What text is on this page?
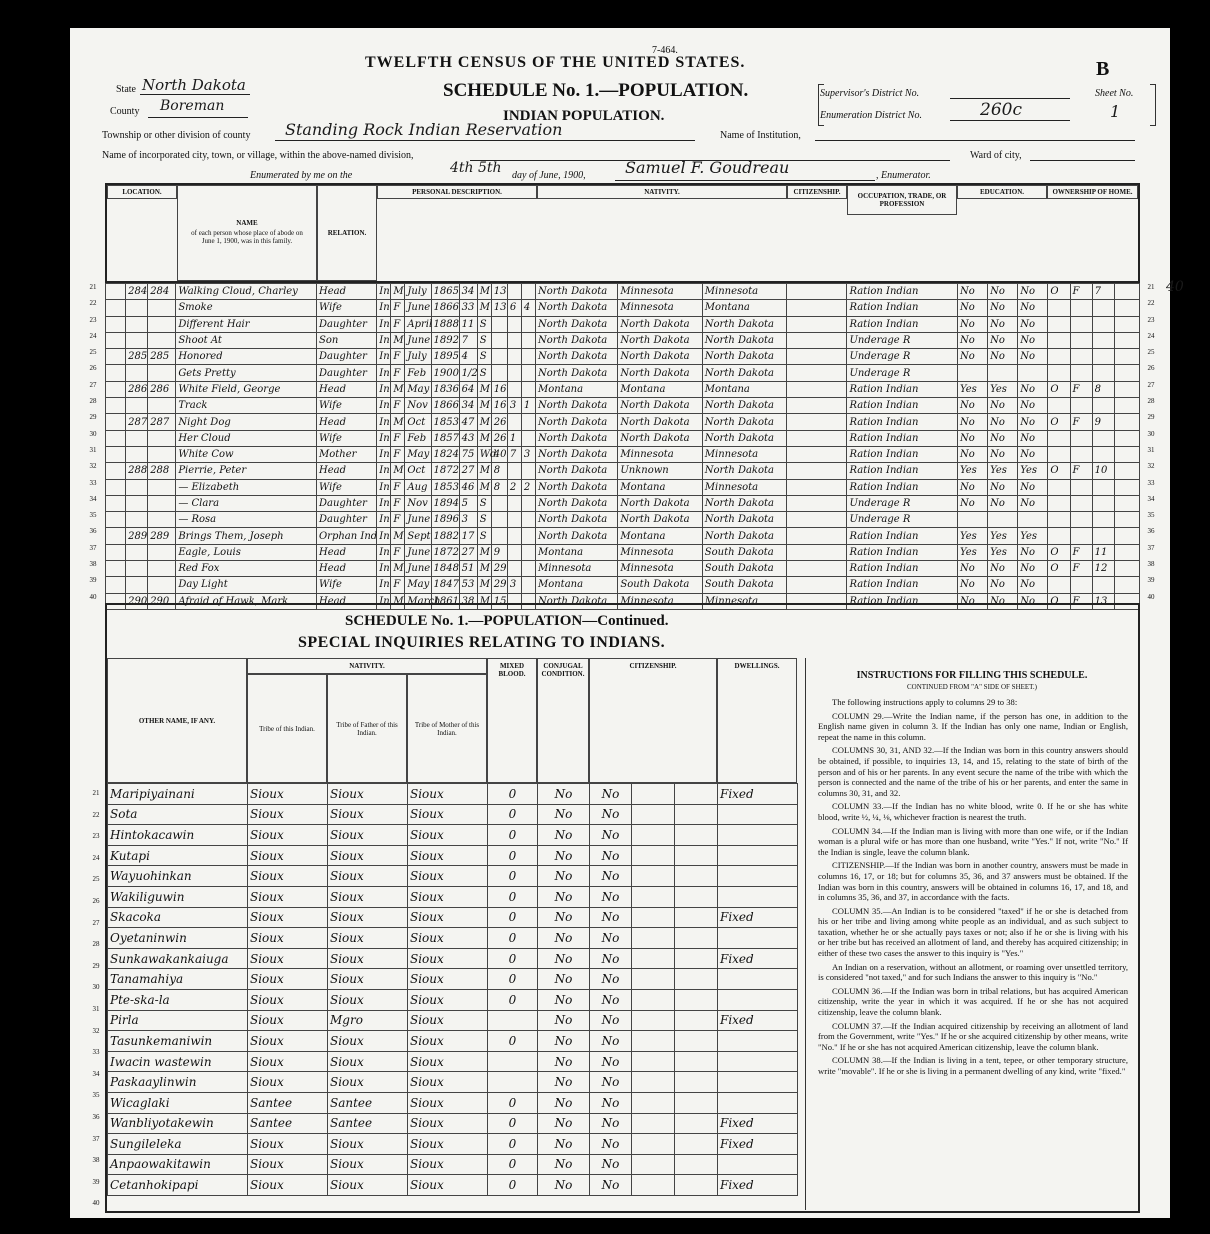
7-464.
B
TWELFTH CENSUS OF THE UNITED STATES.
SCHEDULE No. 1.—POPULATION.
INDIAN POPULATION.
State North Dakota
County Boreman
Township or other division of county Standing Rock Indian Reservation	Name of Institution,
Name of incorporated city, town, or village, within the above-named division,	Ward of city,
Supervisor's District No.
Enumeration District No.	260c
Sheet No.
1
Enumerated by me on the	4th 5th day of June, 1900, Samuel F. Goudreau	, Enumerator.
LOCATION.
NAME
of each person whose place of abode on June 1, 1900, was in this family.
RELATION.
PERSONAL DESCRIPTION.	NATIVITY.	CITIZENSHIP.	OCCUPATION, TRADE, OR PROFESSION
EDUCATION.	OWNERSHIP OF HOME.
	284	284	Walking Cloud, Charley	Head	In	M	July	1865	34	M	13			North Dakota	Minnesota	Minnesota		Ration Indian	No	No	No	O	F	7	
			Smoke	Wife	In	F	June	1866	33	M	13	6	4	North Dakota	Minnesota	Montana		Ration Indian	No	No	No				
			Different Hair	Daughter	In	F	April	1888	11	S				North Dakota	North Dakota	North Dakota		Ration Indian	No	No	No				
			Shoot At	Son	In	M	June	1892	7	S				North Dakota	North Dakota	North Dakota		Underage R	No	No	No				
	285	285	Honored	Daughter	In	F	July	1895	4	S				North Dakota	North Dakota	North Dakota		Underage R	No	No	No				
			Gets Pretty	Daughter	In	F	Feb	1900	1/2	S				North Dakota	North Dakota	North Dakota		Underage R							
	286	286	White Field, George	Head	In	M	May	1836	64	M	16			Montana	Montana	Montana		Ration Indian	Yes	Yes	No	O	F	8	
			Track	Wife	In	F	Nov	1866	34	M	16	3	1	North Dakota	North Dakota	North Dakota		Ration Indian	No	No	No				
	287	287	Night Dog	Head	In	M	Oct	1853	47	M	26			North Dakota	North Dakota	North Dakota		Ration Indian	No	No	No	O	F	9	
			Her Cloud	Wife	In	F	Feb	1857	43	M	26	1		North Dakota	North Dakota	North Dakota		Ration Indian	No	No	No				
			White Cow	Mother	In	F	May	1824	75	Wd	40	7	3	North Dakota	Minnesota	Minnesota		Ration Indian	No	No	No				
	288	288	Pierrie, Peter	Head	In	M	Oct	1872	27	M	8			North Dakota	Unknown	North Dakota		Ration Indian	Yes	Yes	Yes	O	F	10	
			— Elizabeth	Wife	In	F	Aug	1853	46	M	8	2	2	North Dakota	Montana	Minnesota		Ration Indian	No	No	No				
			— Clara	Daughter	In	F	Nov	1894	5	S				North Dakota	North Dakota	North Dakota		Underage R	No	No	No				
			— Rosa	Daughter	In	F	June	1896	3	S				North Dakota	North Dakota	North Dakota		Underage R							
	289	289	Brings Them, Joseph	Orphan Ind	In	M	Sept	1882	17	S				North Dakota	Montana	North Dakota		Ration Indian	Yes	Yes	Yes				
			Eagle, Louis	Head	In	F	June	1872	27	M	9			Montana	Minnesota	South Dakota		Ration Indian	Yes	Yes	No	O	F	11	
			Red Fox	Head	In	M	June	1848	51	M	29			Minnesota	Minnesota	South Dakota		Ration Indian	No	No	No	O	F	12	
			Day Light	Wife	In	F	May	1847	53	M	29	3		Montana	South Dakota	South Dakota		Ration Indian	No	No	No				
	290	290	Afraid of Hawk, Mark	Head	In	M	March	1861	38	M	15			North Dakota	Minnesota	Minnesota		Ration Indian	No	No	No	O	F	13	
21
22
23
24
25
26
27
28
29
30
31
32
33
34
35
36
37
38
39
40
21 40
22
23
24
25
26
27
28
29
30
31
32
33
34
35
36
37
38
39
40
SCHEDULE No. 1.—POPULATION—Continued.
SPECIAL INQUIRIES RELATING TO INDIANS.
OTHER NAME, IF ANY.
NATIVITY.
Tribe of this Indian.	Tribe of Father of this Indian.
Tribe of Mother of this Indian.
MIXED BLOOD.
CONJUGAL CONDITION.
CITIZENSHIP.	DWELLINGS.
Maripiyainani	Sioux	Sioux	Sioux	0	No	No			Fixed
Sota	Sioux	Sioux	Sioux	0	No	No			
Hintokacawin	Sioux	Sioux	Sioux	0	No	No			
Kutapi	Sioux	Sioux	Sioux	0	No	No			
Wayuohinkan	Sioux	Sioux	Sioux	0	No	No			
Wakiliguwin	Sioux	Sioux	Sioux	0	No	No			
Skacoka	Sioux	Sioux	Sioux	0	No	No			Fixed
Oyetaninwin	Sioux	Sioux	Sioux	0	No	No			
Sunkawakankaiuga	Sioux	Sioux	Sioux	0	No	No			Fixed
Tanamahiya	Sioux	Sioux	Sioux	0	No	No			
Pte-ska-la	Sioux	Sioux	Sioux	0	No	No			
Pirla	Sioux	Mgro	Sioux		No	No			Fixed
Tasunkemaniwin	Sioux	Sioux	Sioux	0	No	No			
Iwacin wastewin	Sioux	Sioux	Sioux		No	No			
Paskaaylinwin	Sioux	Sioux	Sioux		No	No			
Wicaglaki	Santee	Santee	Sioux	0	No	No			
Wanbliyotakewin	Santee	Santee	Sioux	0	No	No			Fixed
Sungileleka	Sioux	Sioux	Sioux	0	No	No			Fixed
Anpaowakitawin	Sioux	Sioux	Sioux	0	No	No			
Cetanhokipapi	Sioux	Sioux	Sioux	0	No	No			Fixed
21
22
23
24
25
26
27
28
29
30
31
32
33
34
35
36
37
38
39
40
INSTRUCTIONS FOR FILLING THIS SCHEDULE.
CONTINUED FROM "A" SIDE OF SHEET.)

The following instructions apply to columns 29 to 38:

COLUMN 29.—Write the Indian name, if the person has one, in addition to the English name given in column 3. If the Indian has only one name, Indian or English, repeat the name in this column.

COLUMNS 30, 31, AND 32.—If the Indian was born in this country answers should be obtained, if possible, to inquiries 13, 14, and 15, relating to the state of birth of the person and of his or her parents. In any event secure the name of the tribe with which the person is connected and the name of the tribe of his or her parents, and enter the same in columns 30, 31, and 32.

COLUMN 33.—If the Indian has no white blood, write 0. If he or she has white blood, write ½, ¼, ⅛, whichever fraction is nearest the truth.

COLUMN 34.—If the Indian man is living with more than one wife, or if the Indian woman is a plural wife or has more than one husband, write "Yes." If not, write "No." If the Indian is single, leave the column blank.

CITIZENSHIP.—If the Indian was born in another country, answers must be made in columns 16, 17, or 18; but for columns 35, 36, and 37 answers must be obtained. If the Indian was born in this country, answers will be obtained in columns 16, 17, and 18, and in columns 35, 36, and 37, in accordance with the facts.

COLUMN 35.—An Indian is to be considered "taxed" if he or she is detached from his or her tribe and living among white people as an individual, and as such subject to taxation, whether he or she actually pays taxes or not; also if he or she is living with his or her tribe but has received an allotment of land, and thereby has acquired citizenship; in either of these two cases the answer to this inquiry is "Yes."

An Indian on a reservation, without an allotment, or roaming over unsettled territory, is considered "not taxed," and for such Indians the answer to this inquiry is "No."

COLUMN 36.—If the Indian was born in tribal relations, but has acquired American citizenship, write the year in which it was acquired. If he or she has not acquired citizenship, leave the column blank.

COLUMN 37.—If the Indian acquired citizenship by receiving an allotment of land from the Government, write "Yes." If he or she acquired citizenship by other means, write "No." If he or she has not acquired American citizenship, leave the column blank.

COLUMN 38.—If the Indian is living in a tent, tepee, or other temporary structure, write "movable". If he or she is living in a permanent dwelling of any kind, write "fixed."
